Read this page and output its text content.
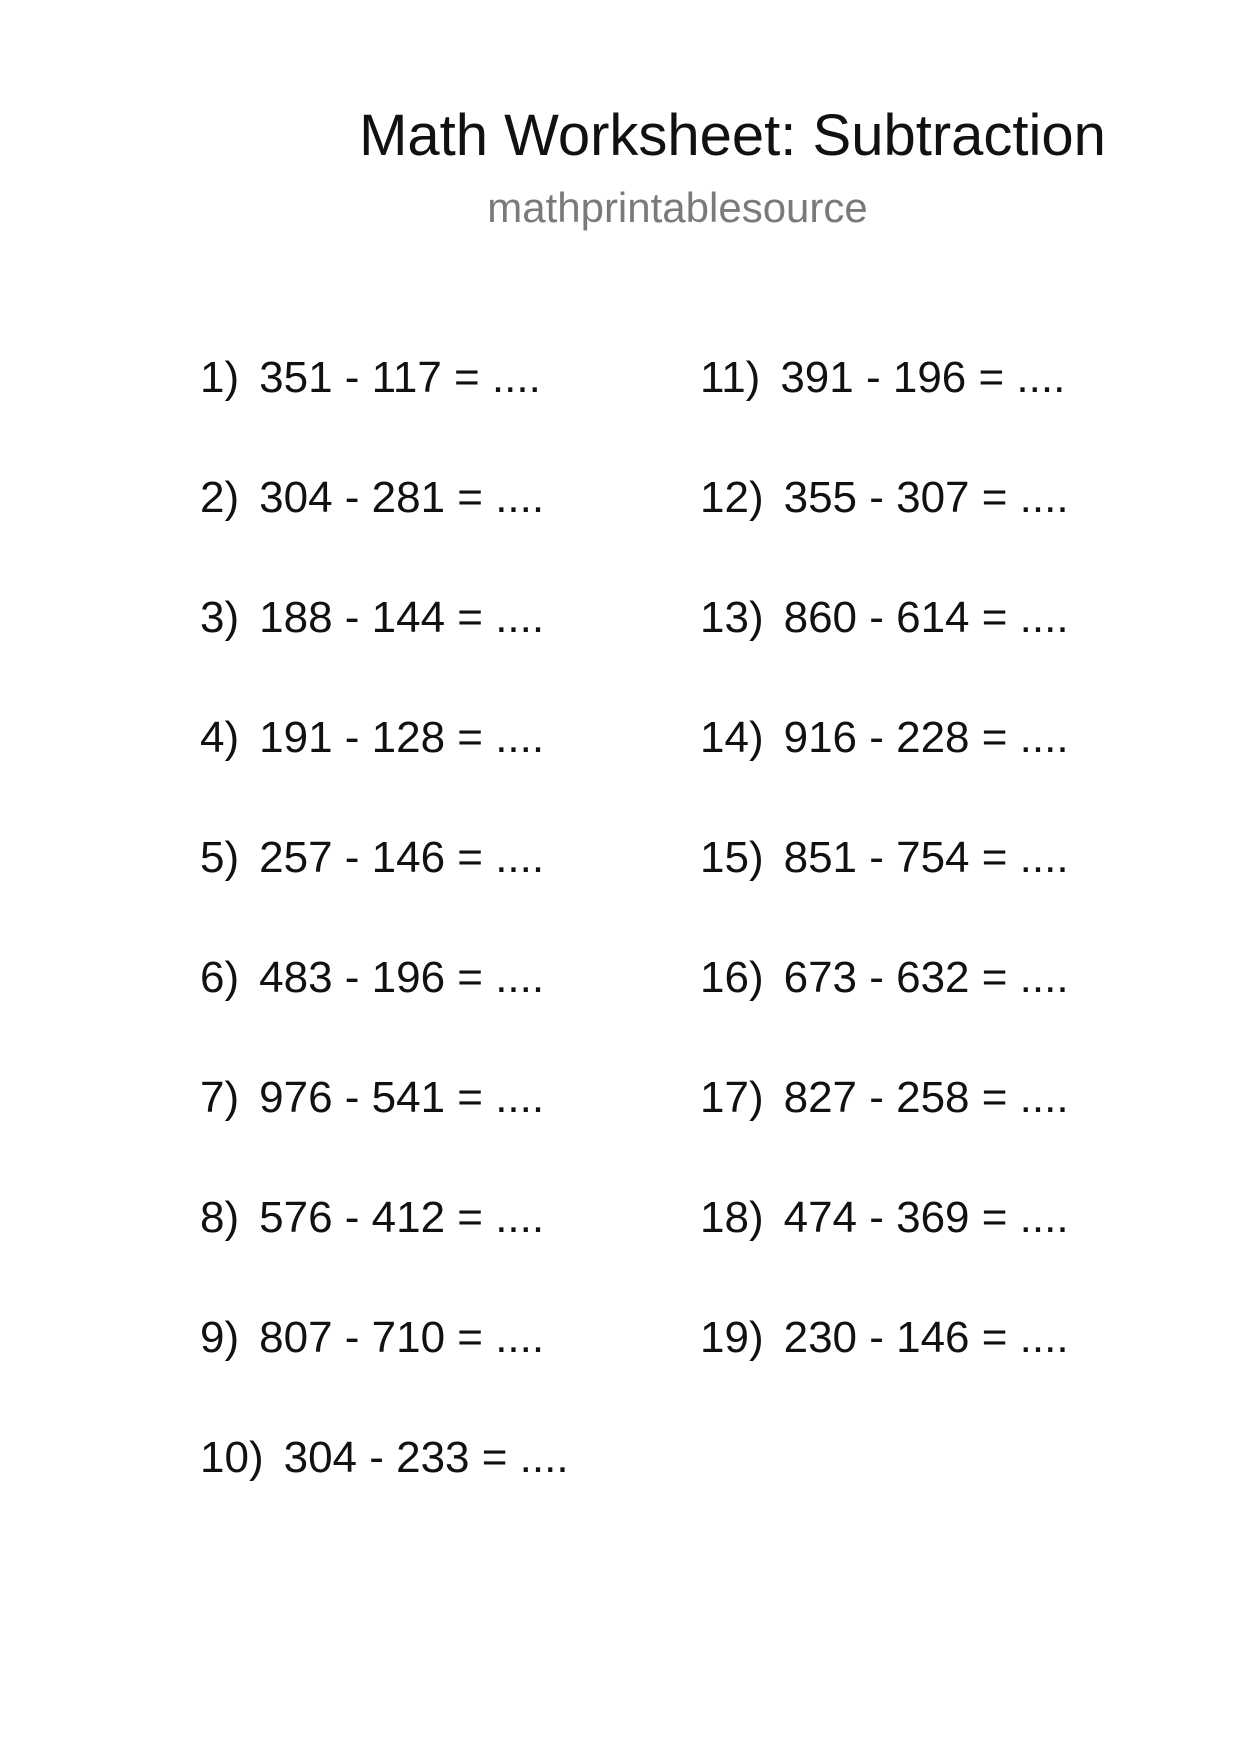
Math Worksheet: Subtraction
mathprintablesource
1) 351 - 117 = ....
2) 304 - 281 = ....
3) 188 - 144 = ....
4) 191 - 128 = ....
5) 257 - 146 = ....
6) 483 - 196 = ....
7) 976 - 541 = ....
8) 576 - 412 = ....
9) 807 - 710 = ....
10) 304 - 233 = ....
11) 391 - 196 = ....
12) 355 - 307 = ....
13) 860 - 614 = ....
14) 916 - 228 = ....
15) 851 - 754 = ....
16) 673 - 632 = ....
17) 827 - 258 = ....
18) 474 - 369 = ....
19) 230 - 146 = ....
